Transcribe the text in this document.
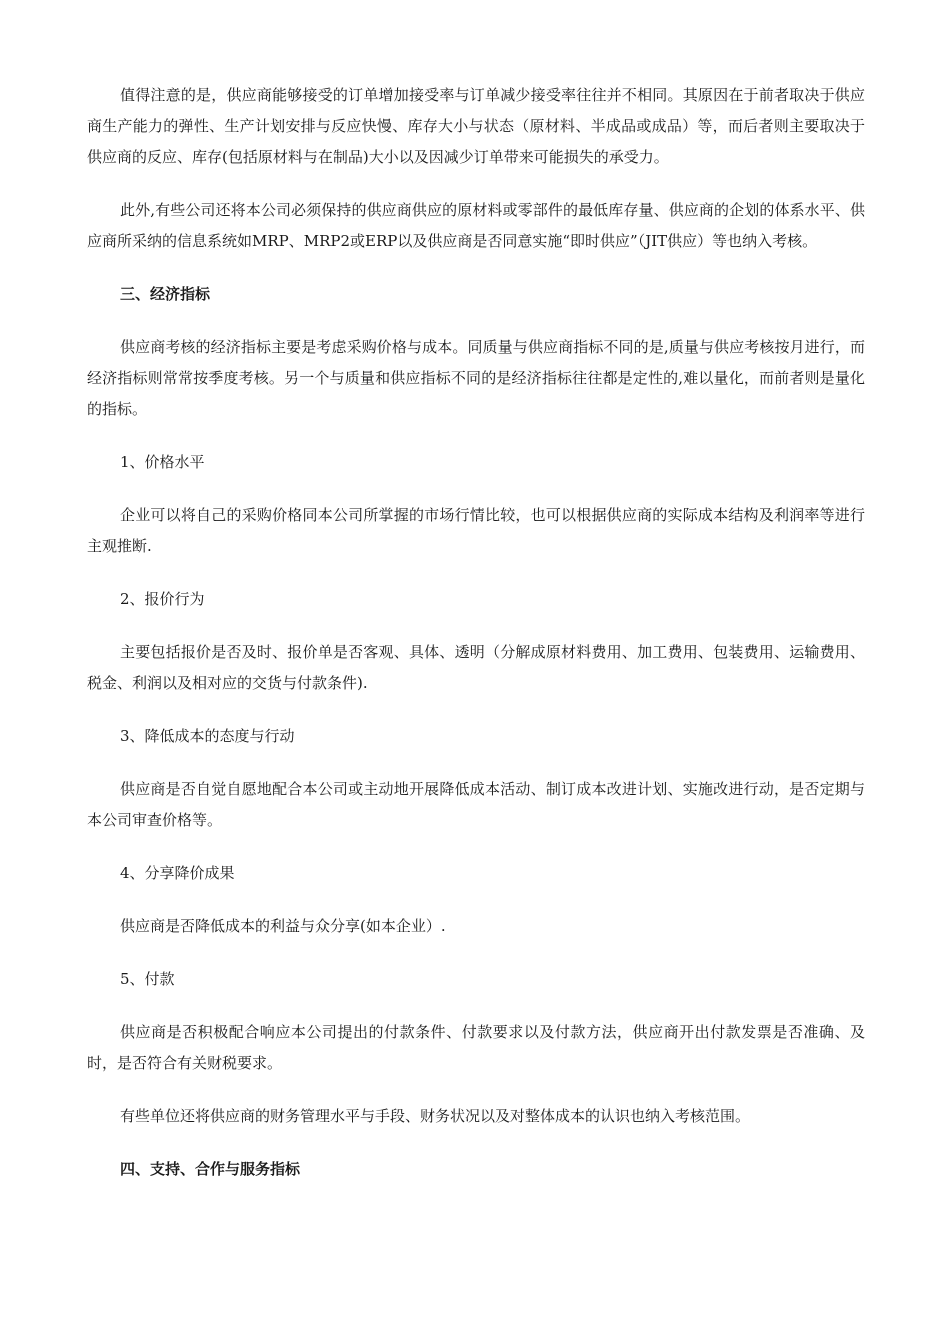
值得注意的是，供应商能够接受的订单增加接受率与订单减少接受率往往并不相同。其原因在于前者取决于供应商生产能力的弹性、生产计划安排与反应快慢、库存大小与状态（原材料、半成品或成品）等，而后者则主要取决于供应商的反应、库存(包括原材料与在制品)大小以及因减少订单带来可能损失的承受力。

此外,有些公司还将本公司必须保持的供应商供应的原材料或零部件的最低库存量、供应商的企划的体系水平、供应商所采纳的信息系统如MRP、MRP2或ERP以及供应商是否同意实施“即时供应”（JIT供应）等也纳入考核。

三、经济指标

供应商考核的经济指标主要是考虑采购价格与成本。同质量与供应商指标不同的是,质量与供应考核按月进行，而经济指标则常常按季度考核。另一个与质量和供应指标不同的是经济指标往往都是定性的,难以量化，而前者则是量化的指标。

1、价格水平

企业可以将自己的采购价格同本公司所掌握的市场行情比较，也可以根据供应商的实际成本结构及利润率等进行主观推断.

2、报价行为

主要包括报价是否及时、报价单是否客观、具体、透明（分解成原材料费用、加工费用、包装费用、运输费用、税金、利润以及相对应的交货与付款条件).

3、降低成本的态度与行动

供应商是否自觉自愿地配合本公司或主动地开展降低成本活动、制订成本改进计划、实施改进行动，是否定期与本公司审查价格等。

4、分享降价成果

供应商是否降低成本的利益与众分享(如本企业）.

5、付款

供应商是否积极配合响应本公司提出的付款条件、付款要求以及付款方法，供应商开出付款发票是否准确、及时，是否符合有关财税要求。

有些单位还将供应商的财务管理水平与手段、财务状况以及对整体成本的认识也纳入考核范围。

四、支持、合作与服务指标
